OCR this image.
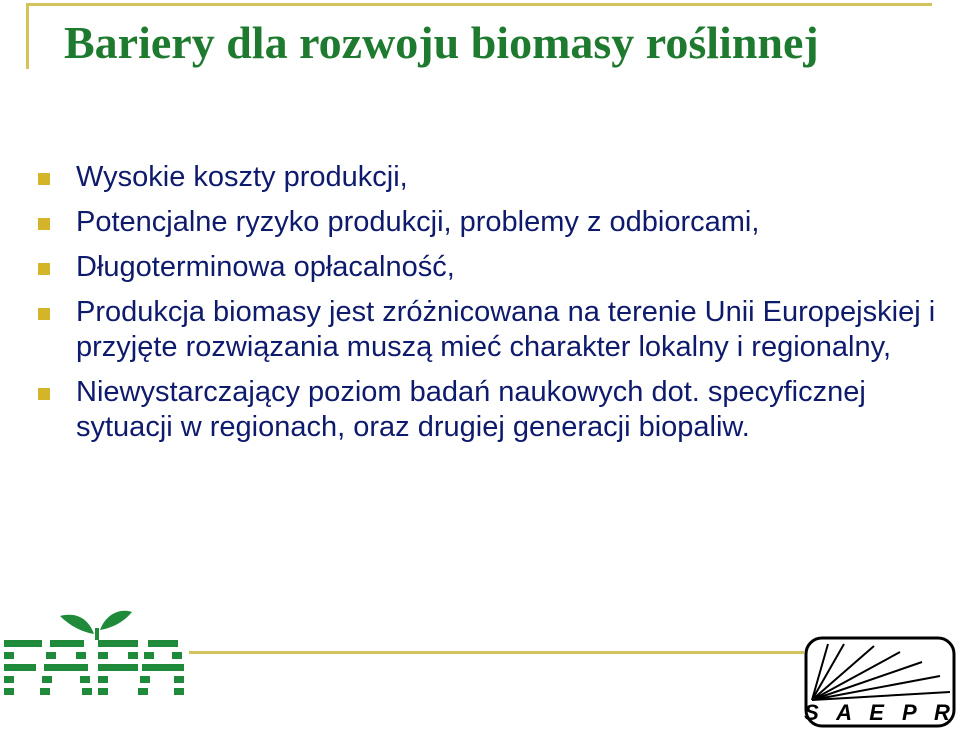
Bariery dla rozwoju biomasy roślinnej
Wysokie koszty produkcji,
Potencjalne ryzyko produkcji, problemy z odbiorcami,
Długoterminowa opłacalność,
Produkcja biomasy jest zróżnicowana na terenie Unii Europejskiej i przyjęte rozwiązania muszą mieć charakter lokalny i regionalny,
Niewystarczający poziom badań naukowych dot. specyficznej sytuacji w regionach, oraz drugiej generacji biopaliw.
S A E P R
